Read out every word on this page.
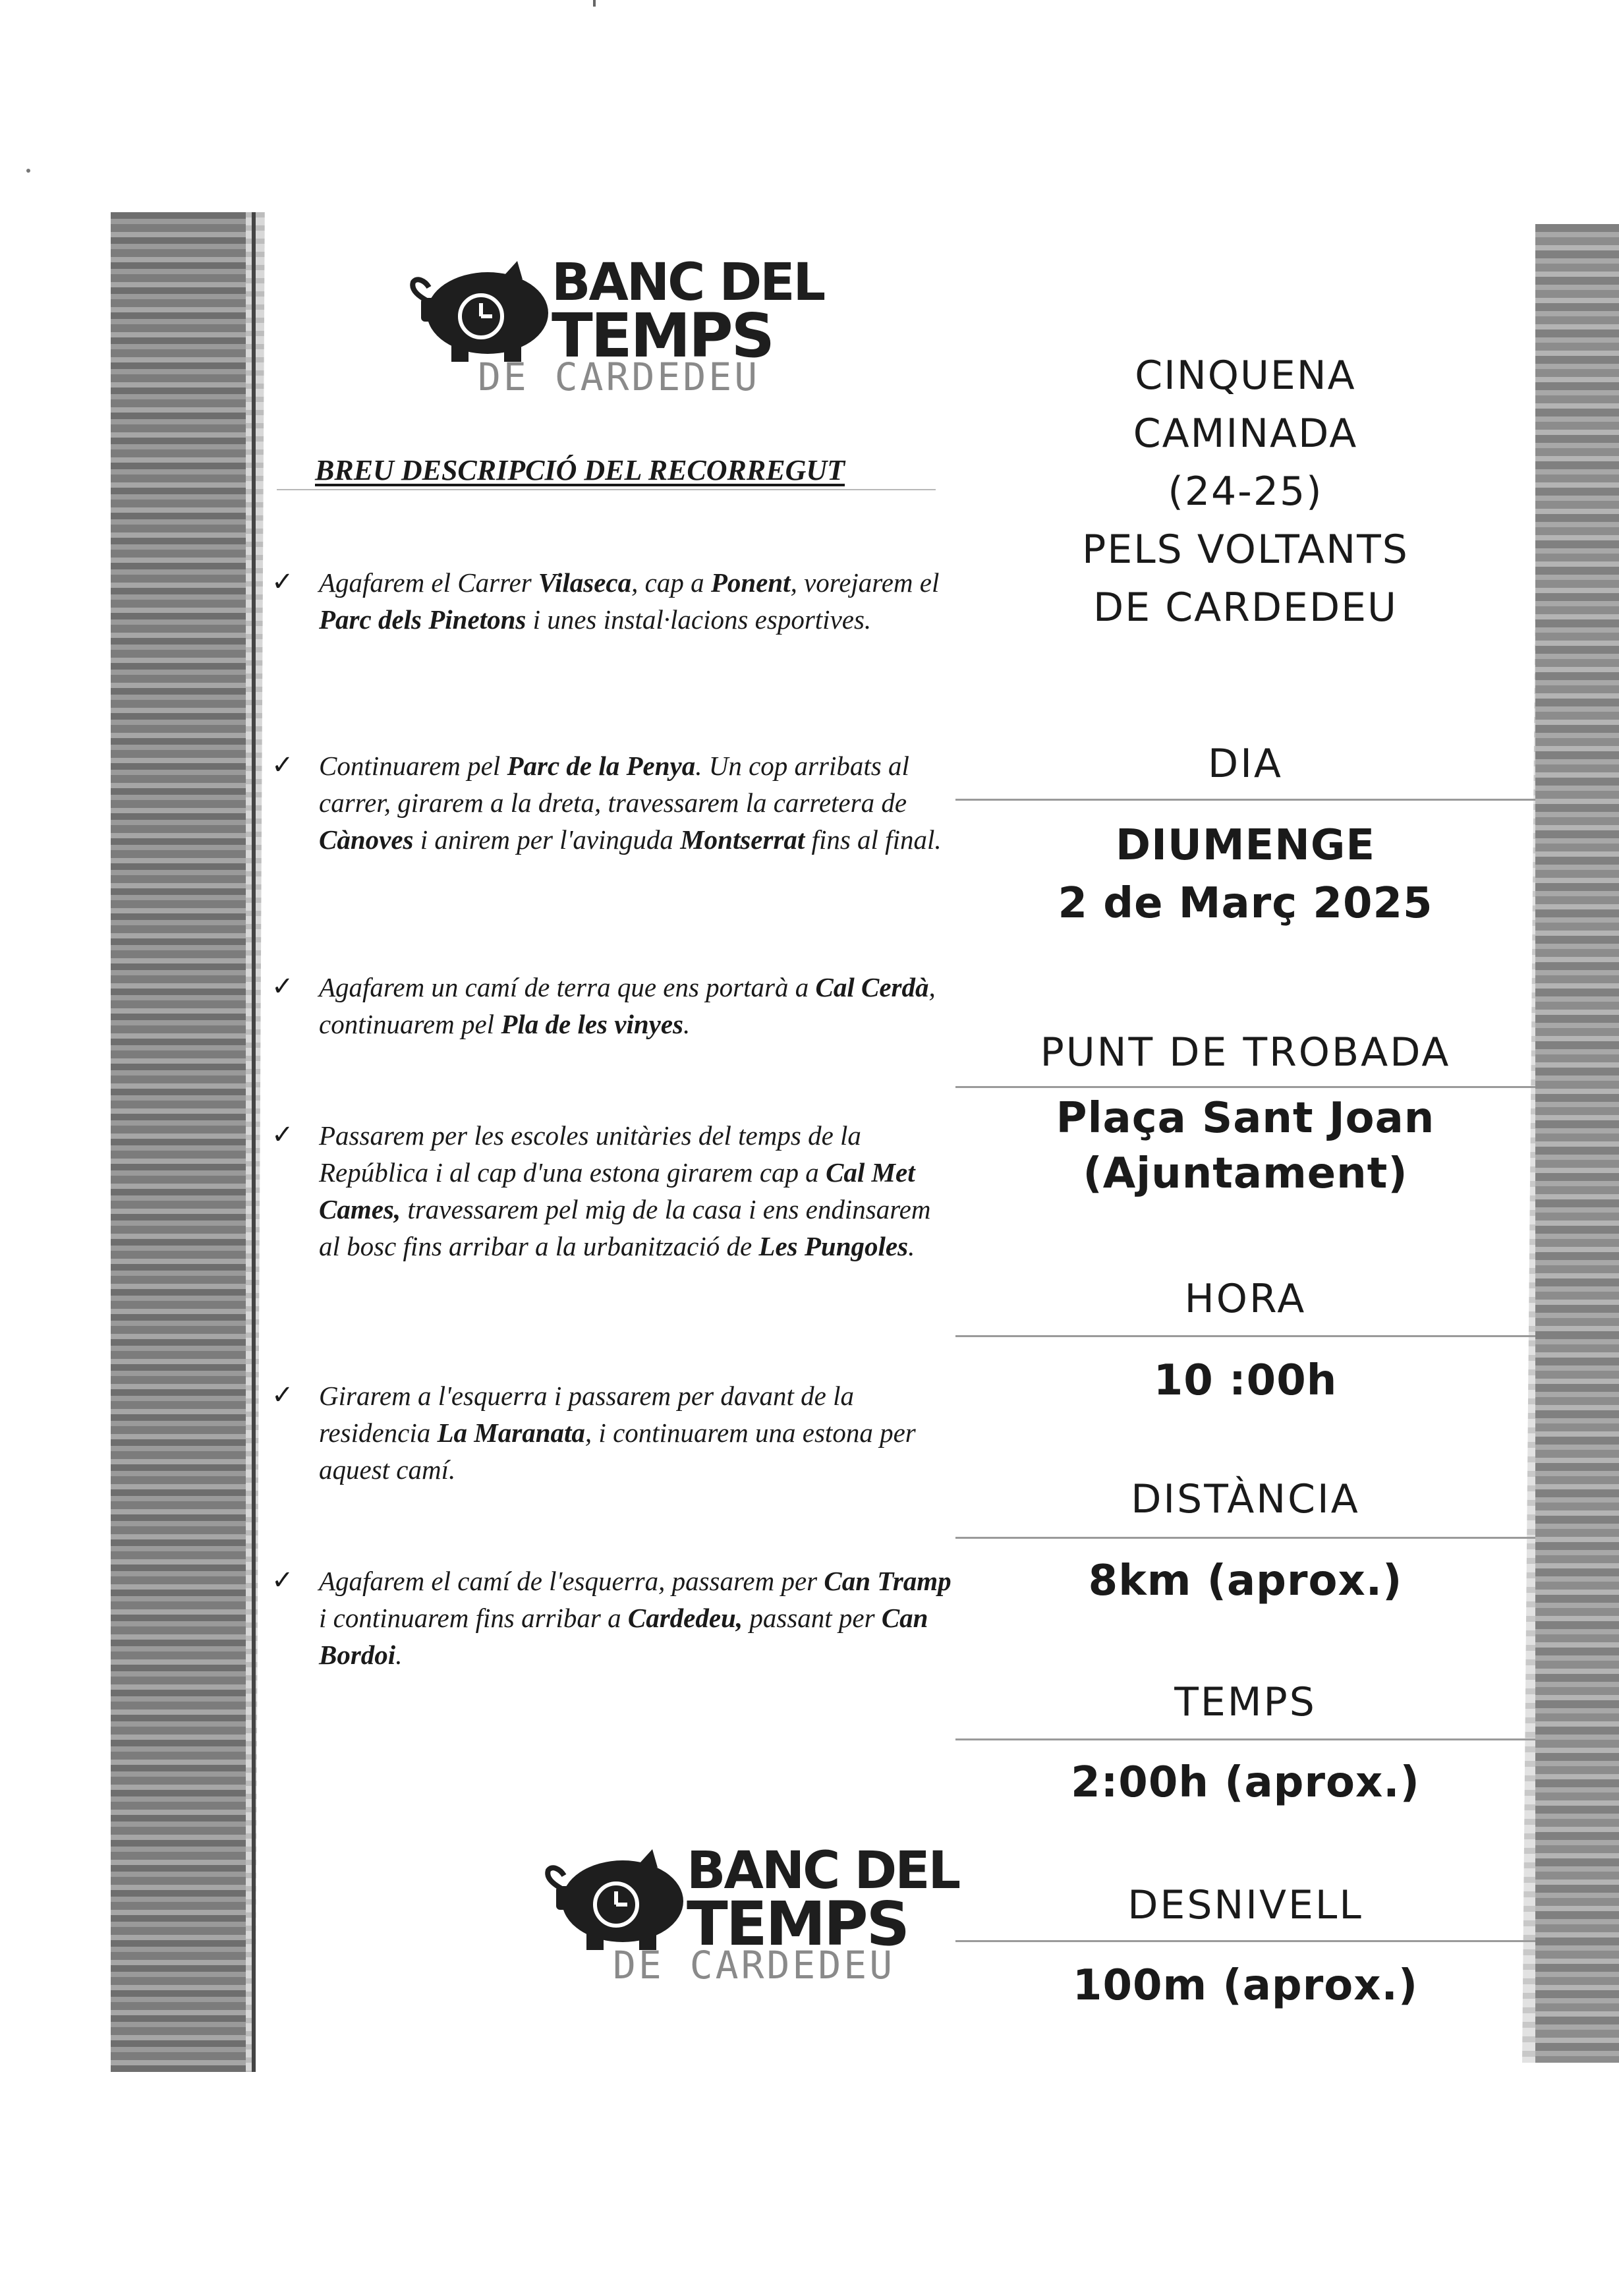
BANC DEL
TEMPS
DE CARDEDEU
BREU DESCRIPCIÓ DEL RECORREGUT
✓ Agafarem el Carrer Vilaseca, cap a Ponent, vorejarem el Parc dels Pinetons i unes instal·lacions esportives.
✓ Continuarem pel Parc de la Penya. Un cop arribats al carrer, girarem a la dreta, travessarem la carretera de Cànoves i anirem per l'avinguda Montserrat fins al final.
✓ Agafarem un camí de terra que ens portarà a Cal Cerdà, continuarem pel Pla de les vinyes.
✓ Passarem per les escoles unitàries del temps de la República i al cap d'una estona girarem cap a Cal Met Cames, travessarem pel mig de la casa i ens endinsarem al bosc fins arribar a la urbanització de Les Pungoles.
✓ Girarem a l'esquerra i passarem per davant de la residencia La Maranata, i continuarem una estona per aquest camí.
✓ Agafarem el camí de l'esquerra, passarem per Can Tramp i continuarem fins arribar a Cardedeu, passant per Can Bordoi.
BANC DEL
TEMPS
DE CARDEDEU
CINQUENA
CAMINADA
(24-25)
PELS VOLTANTS
DE CARDEDEU
DIA
DIUMENGE
2 de Març 2025
PUNT DE TROBADA
Plaça Sant Joan
(Ajuntament)
HORA
10 :00h
DISTÀNCIA
8km (aprox.)
TEMPS
2:00h (aprox.)
DESNIVELL
100m (aprox.)
